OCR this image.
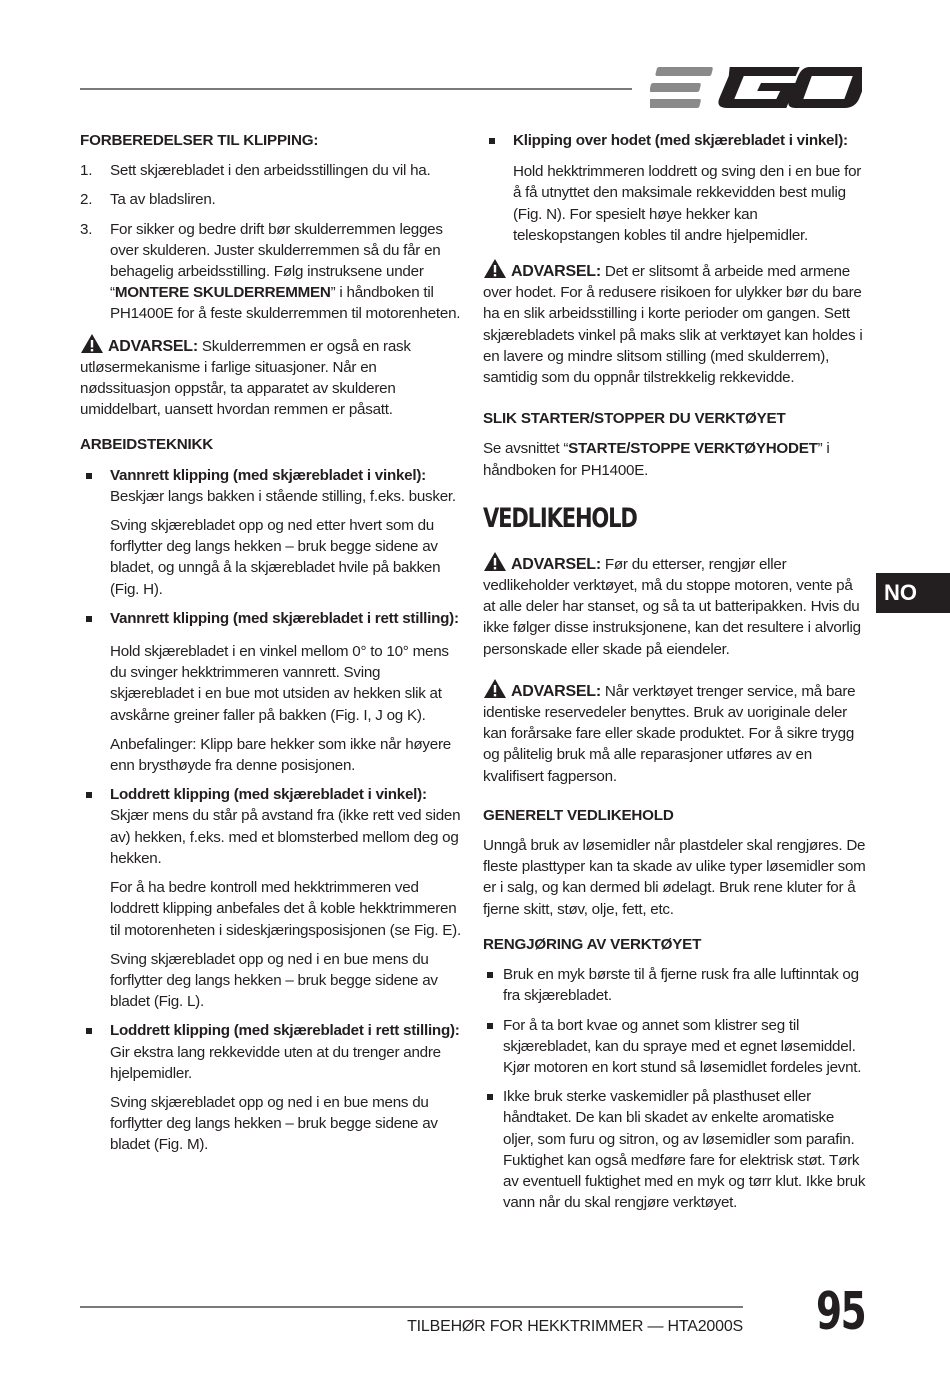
FORBEREDELSER TIL KLIPPING:
1.	Sett skjærebladet i den arbeidsstillingen du vil ha.
2.	Ta av bladsliren.
3.	For sikker og bedre drift bør skulderremmen legges over skulderen. Juster skulderremmen så du får en behagelig arbeidsstilling. Følg instruksene under “MONTERE SKULDERREMMEN” i håndboken til PH1400E for å feste skulderremmen til motorenheten.
ADVARSEL: Skulderremmen er også en rask utløsermekanisme i farlige situasjoner. Når en nødssituasjon oppstår, ta apparatet av skulderen umiddelbart, uansett hvordan remmen er påsatt.
ARBEIDSTEKNIKK
Vannrett klipping (med skjærebladet i vinkel):
Beskjær langs bakken i stående stilling, f.eks. busker.
Sving skjærebladet opp og ned etter hvert som du forflytter deg langs hekken – bruk begge sidene av bladet, og unngå å la skjærebladet hvile på bakken (Fig. H).
Vannrett klipping (med skjærebladet i rett stilling):
Hold skjærebladet i en vinkel mellom 0° to 10° mens du svinger hekktrimmeren vannrett. Sving skjærebladet i en bue mot utsiden av hekken slik at avskårne greiner faller på bakken (Fig. I, J og K).
Anbefalinger: Klipp bare hekker som ikke når høyere enn brysthøyde fra denne posisjonen.
Loddrett klipping (med skjærebladet i vinkel):
Skjær mens du står på avstand fra (ikke rett ved siden av) hekken, f.eks. med et blomsterbed mellom deg og hekken.
For å ha bedre kontroll med hekktrimmeren ved loddrett klipping anbefales det å koble hekktrimmeren til motorenheten i sideskjæringsposisjonen (se Fig. E).
Sving skjærebladet opp og ned i en bue mens du forflytter deg langs hekken – bruk begge sidene av bladet (Fig. L).
Loddrett klipping (med skjærebladet i rett stilling):
Gir ekstra lang rekkevidde uten at du trenger andre hjelpemidler.
Sving skjærebladet opp og ned i en bue mens du forflytter deg langs hekken – bruk begge sidene av bladet (Fig. M).
Klipping over hodet (med skjærebladet i vinkel):
Hold hekktrimmeren loddrett og sving den i en bue for å få utnyttet den maksimale rekkevidden best mulig (Fig. N). For spesielt høye hekker kan teleskopstangen kobles til andre hjelpemidler.
ADVARSEL: Det er slitsomt å arbeide med armene over hodet. For å redusere risikoen for ulykker bør du bare ha en slik arbeidsstilling i korte perioder om gangen. Sett skjærebladets vinkel på maks slik at verktøyet kan holdes i en lavere og mindre slitsom stilling (med skulderrem), samtidig som du oppnår tilstrekkelig rekkevidde.
SLIK STARTER/STOPPER DU VERKTØYET
Se avsnittet “STARTE/STOPPE VERKTØYHODET” i håndboken for PH1400E.
VEDLIKEHOLD
ADVARSEL: Før du etterser, rengjør eller vedlikeholder verktøyet, må du stoppe motoren, vente på at alle deler har stanset, og så ta ut batteripakken. Hvis du ikke følger disse instruksjonene, kan det resultere i alvorlig personskade eller skade på eiendeler.
ADVARSEL: Når verktøyet trenger service, må bare identiske reservedeler benyttes. Bruk av uoriginale deler kan forårsake fare eller skade produktet. For å sikre trygg og pålitelig bruk må alle reparasjoner utføres av en kvalifisert fagperson.
GENERELT VEDLIKEHOLD
Unngå bruk av løsemidler når plastdeler skal rengjøres. De fleste plasttyper kan ta skade av ulike typer løsemidler som er i salg, og kan dermed bli ødelagt. Bruk rene kluter for å fjerne skitt, støv, olje, fett, etc.
RENGJØRING AV VERKTØYET
Bruk en myk børste til å fjerne rusk fra alle luftinntak og fra skjærebladet.
For å ta bort kvae og annet som klistrer seg til skjærebladet, kan du spraye med et egnet løsemiddel. Kjør motoren en kort stund så løsemidlet fordeles jevnt.
Ikke bruk sterke vaskemidler på plasthuset eller håndtaket. De kan bli skadet av enkelte aromatiske oljer, som furu og sitron, og av løsemidler som parafin. Fuktighet kan også medføre fare for elektrisk støt. Tørk av eventuell fuktighet med en myk og tørr klut. Ikke bruk vann når du skal rengjøre verktøyet.
NO
TILBEHØR FOR HEKKTRIMMER — HTA2000S 95
